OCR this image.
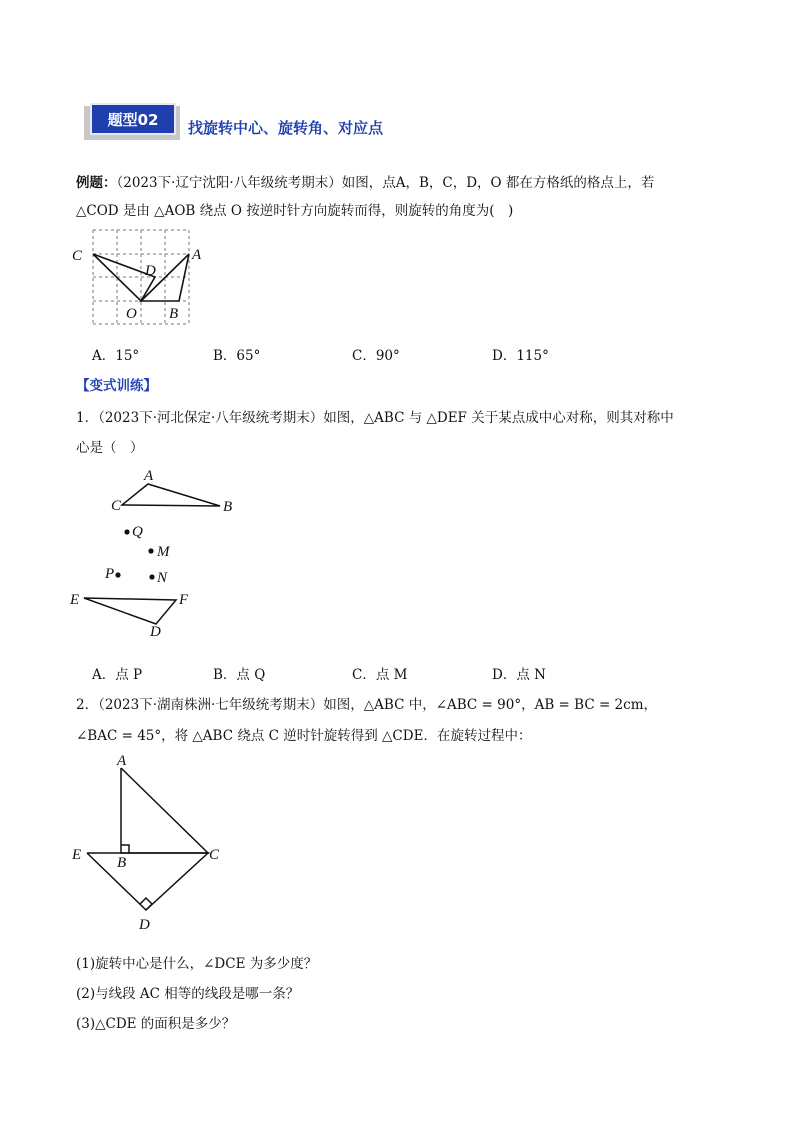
题型02	找旋转中心、旋转角、对应点
例题：（2023下·辽宁沈阳·八年级统考期末）如图，点A，B，C，D，O 都在方格纸的格点上，若
△COD 是由 △AOB 绕点 O 按逆时针方向旋转而得，则旋转的角度为(　)
C
D
A
O B
A．15°	B．65°	C．90°	D．115°
【变式训练】
1．（2023下·河北保定·八年级统考期末）如图，△ABC 与 △DEF 关于某点成中心对称，则其对称中
心是（　）
A
C	B
Q
M
P	N
E	F
D
A．点 P	B．点 Q	C．点 M	D．点 N
2．（2023下·湖南株洲·七年级统考期末）如图，△ABC 中，∠ABC = 90°，AB = BC = 2cm，
∠BAC = 45°，将 △ABC 绕点 C 逆时针旋转得到 △CDE．在旋转过程中：
A
E B	C
D
(1)旋转中心是什么，∠DCE 为多少度？
(2)与线段 AC 相等的线段是哪一条？
(3)△CDE 的面积是多少？
